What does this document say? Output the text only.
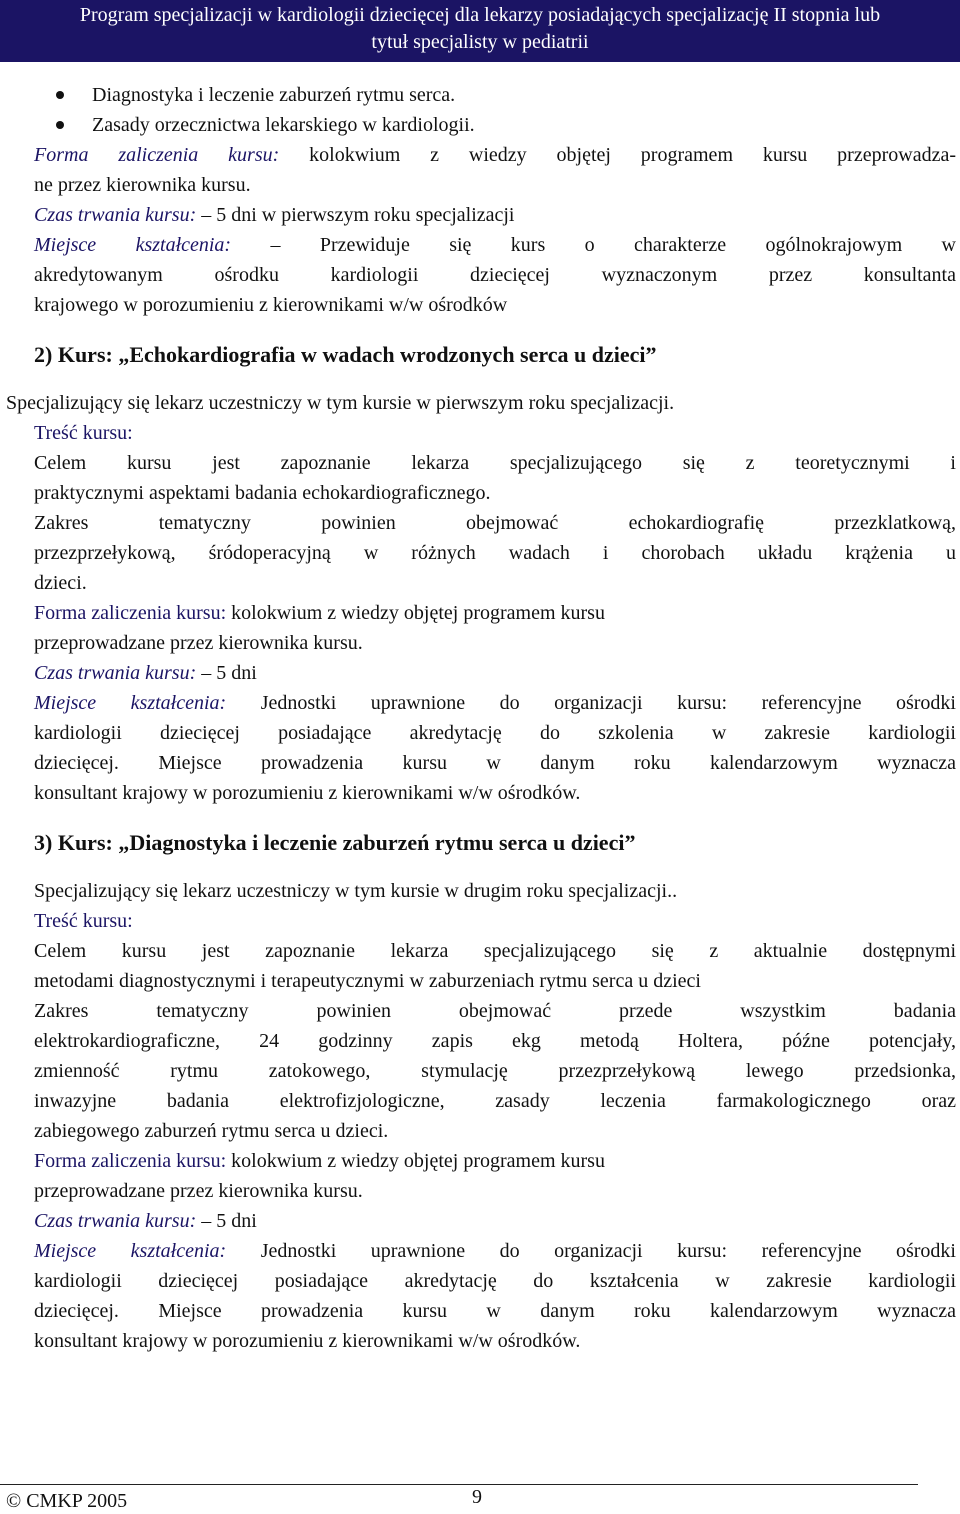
Program specjalizacji w kardiologii dziecięcej dla lekarzy posiadających specjalizację II stopnia lub
tytuł specjalisty w pediatrii
Diagnostyka i leczenie zaburzeń rytmu serca.
Zasady orzecznictwa lekarskiego w kardiologii.
Forma zaliczenia kursu: kolokwium z wiedzy objętej programem kursu przeprowadza-
ne przez kierownika kursu.
Czas trwania kursu: – 5 dni w pierwszym roku specjalizacji
Miejsce kształcenia: – Przewiduje się kurs o charakterze ogólnokrajowym w
akredytowanym ośrodku kardiologii dziecięcej wyznaczonym przez konsultanta
krajowego w porozumieniu z kierownikami w/w ośrodków
2) Kurs: „Echokardiografia w wadach wrodzonych serca u dzieci”
Specjalizujący się lekarz uczestniczy w tym kursie w pierwszym roku specjalizacji.
Treść kursu:
Celem kursu jest zapoznanie lekarza specjalizującego się z teoretycznymi i
praktycznymi aspektami badania echokardiograficznego.
Zakres tematyczny powinien obejmować echokardiografię przezklatkową,
przezprzełykową, śródoperacyjną w różnych wadach i chorobach układu krążenia u
dzieci.
Forma zaliczenia kursu: kolokwium z wiedzy objętej programem kursu
przeprowadzane przez kierownika kursu.
Czas trwania kursu: – 5 dni
Miejsce kształcenia: Jednostki uprawnione do organizacji kursu: referencyjne ośrodki
kardiologii dziecięcej posiadające akredytację do szkolenia w zakresie kardiologii
dziecięcej. Miejsce prowadzenia kursu w danym roku kalendarzowym wyznacza
konsultant krajowy w porozumieniu z kierownikami w/w ośrodków.
3) Kurs: „Diagnostyka i leczenie zaburzeń rytmu serca u dzieci”
Specjalizujący się lekarz uczestniczy w tym kursie w drugim roku specjalizacji..
Treść kursu:
Celem kursu jest zapoznanie lekarza specjalizującego się z aktualnie dostępnymi
metodami diagnostycznymi i terapeutycznymi w zaburzeniach rytmu serca u dzieci
Zakres tematyczny powinien obejmować przede wszystkim badania
elektrokardiograficzne, 24 godzinny zapis ekg metodą Holtera, późne potencjały,
zmienność rytmu zatokowego, stymulację przezprzełykową lewego przedsionka,
inwazyjne badania elektrofizjologiczne, zasady leczenia farmakologicznego oraz
zabiegowego zaburzeń rytmu serca u dzieci.
Forma zaliczenia kursu: kolokwium z wiedzy objętej programem kursu
przeprowadzane przez kierownika kursu.
Czas trwania kursu: – 5 dni
Miejsce kształcenia: Jednostki uprawnione do organizacji kursu: referencyjne ośrodki
kardiologii dziecięcej posiadające akredytację do kształcenia w zakresie kardiologii
dziecięcej. Miejsce prowadzenia kursu w danym roku kalendarzowym wyznacza
konsultant krajowy w porozumieniu z kierownikami w/w ośrodków.
© CMKP 2005	9
